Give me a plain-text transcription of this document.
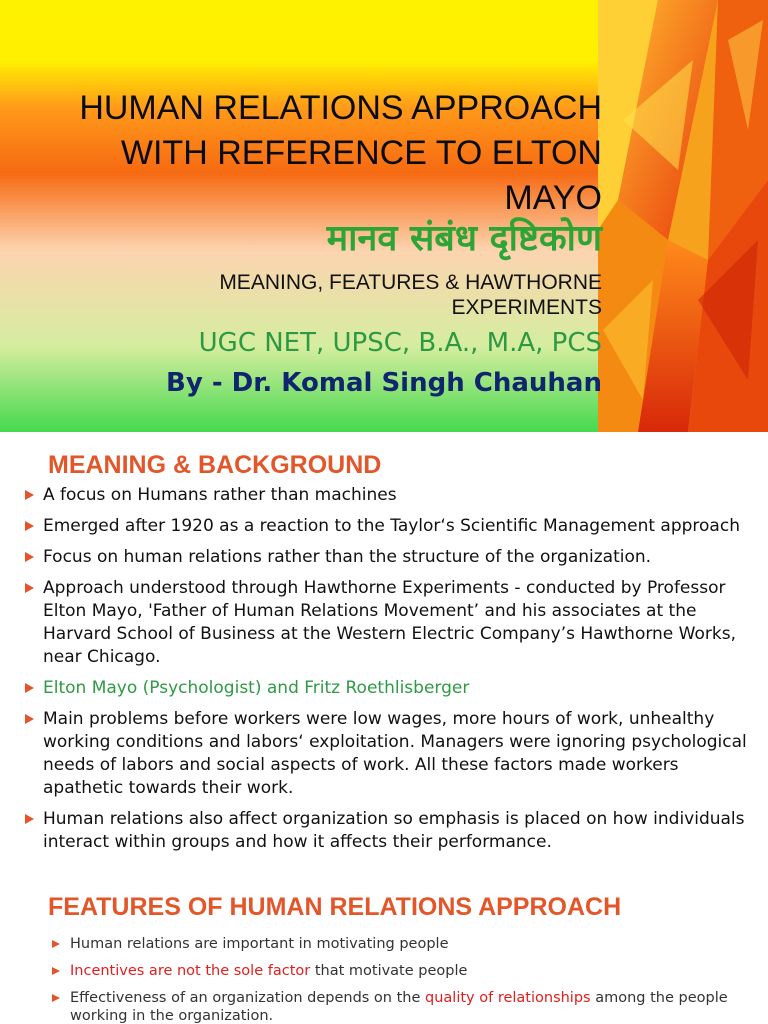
HUMAN RELATIONS APPROACH
WITH REFERENCE TO ELTON
MAYO
मानव संबंध दृष्टिकोण
MEANING, FEATURES & HAWTHORNE
EXPERIMENTS
UGC NET, UPSC, B.A., M.A, PCS
By - Dr. Komal Singh Chauhan
MEANING & BACKGROUND
A focus on Humans rather than machines
Emerged after 1920 as a reaction to the Taylor‘s Scientific Management approach
Focus on human relations rather than the structure of the organization.
Approach understood through Hawthorne Experiments - conducted by Professor Elton Mayo, 'Father of Human Relations Movement’ and his associates at the Harvard School of Business at the Western Electric Company’s Hawthorne Works, near Chicago.
Elton Mayo (Psychologist) and Fritz Roethlisberger
Main problems before workers were low wages, more hours of work, unhealthy working conditions and labors‘ exploitation. Managers were ignoring psychological needs of labors and social aspects of work. All these factors made workers apathetic towards their work.
Human relations also affect organization so emphasis is placed on how individuals interact within groups and how it affects their performance.
FEATURES OF HUMAN RELATIONS APPROACH
Human relations are important in motivating people
Incentives are not the sole factor that motivate people
Effectiveness of an organization depends on the quality of relationships among the people working in the organization.
